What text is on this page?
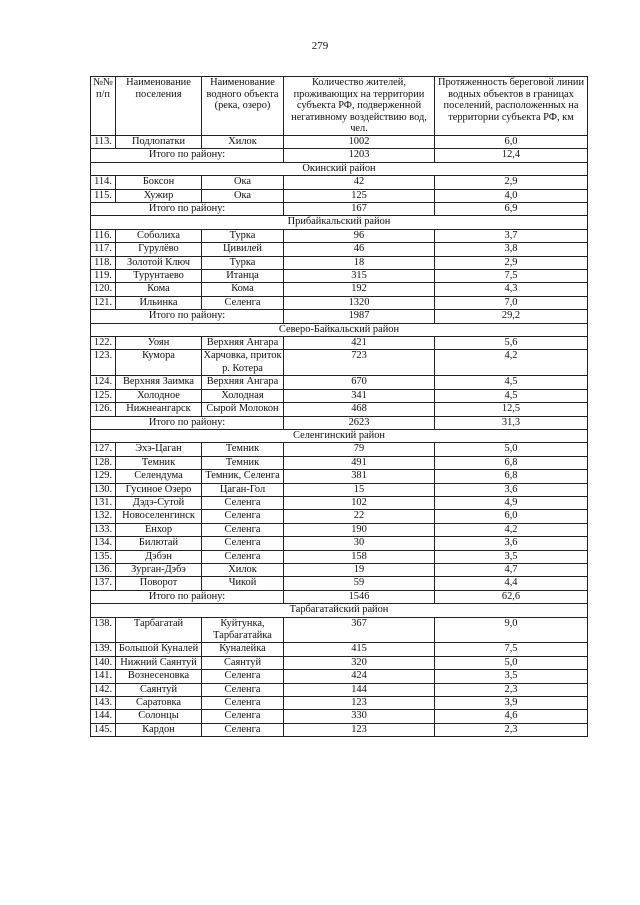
279
№№ п/п	Наименование поселения	Наименование водного объекта (река, озеро)	Количество жителей, проживающих на территории субъекта РФ, подверженной негативному воздействию вод, чел.	Протяженность береговой линии водных объектов в границах поселений, расположенных на территории субъекта РФ, км
113.	Подлопатки	Хилок	1002	6,0
Итого по району:			1203	12,4
Окинский район				
114.	Боксон	Ока	42	2,9
115.	Хужир	Ока	125	4,0
Итого по району:			167	6,9
Прибайкальский район				
116.	Соболиха	Турка	96	3,7
117.	Гурулёво	Цивилей	46	3,8
118.	Золотой Ключ	Турка	18	2,9
119.	Турунтаево	Итанца	315	7,5
120.	Кома	Кома	192	4,3
121.	Ильинка	Селенга	1320	7,0
Итого по району:			1987	29,2
Северо-Байкальский район				
122.	Уоян	Верхняя Ангара	421	5,6
123.	Кумора	Харчовка, приток р. Котера	723	4,2
124.	Верхняя Заимка	Верхняя Ангара	670	4,5
125.	Холодное	Холодная	341	4,5
126.	Нижнеангарск	Сырой Молокон	468	12,5
Итого по району:			2623	31,3
Селенгинский район				
127.	Эхэ-Цаган	Темник	79	5,0
128.	Темник	Темник	491	6,8
129.	Селендума	Темник, Селенга	381	6,8
130.	Гусиное Озеро	Цаган-Гол	15	3,6
131.	Дэдэ-Сутой	Селенга	102	4,9
132.	Новоселенгинск	Селенга	22	6,0
133.	Енхор	Селенга	190	4,2
134.	Билютай	Селенга	30	3,6
135.	Дэбэн	Селенга	158	3,5
136.	Зурган-Дэбэ	Хилок	19	4,7
137.	Поворот	Чикой	59	4,4
Итого по району:			1546	62,6
Тарбагатайский район				
138.	Тарбагатай	Куйтунка, Тарбагатайка	367	9,0
139.	Большой Куналей	Куналейка	415	7,5
140.	Нижний Саянтуй	Саянтуй	320	5,0
141.	Вознесеновка	Селенга	424	3,5
142.	Саянтуй	Селенга	144	2,3
143.	Саратовка	Селенга	123	3,9
144.	Солонцы	Селенга	330	4,6
145.	Кардон	Селенга	123	2,3
